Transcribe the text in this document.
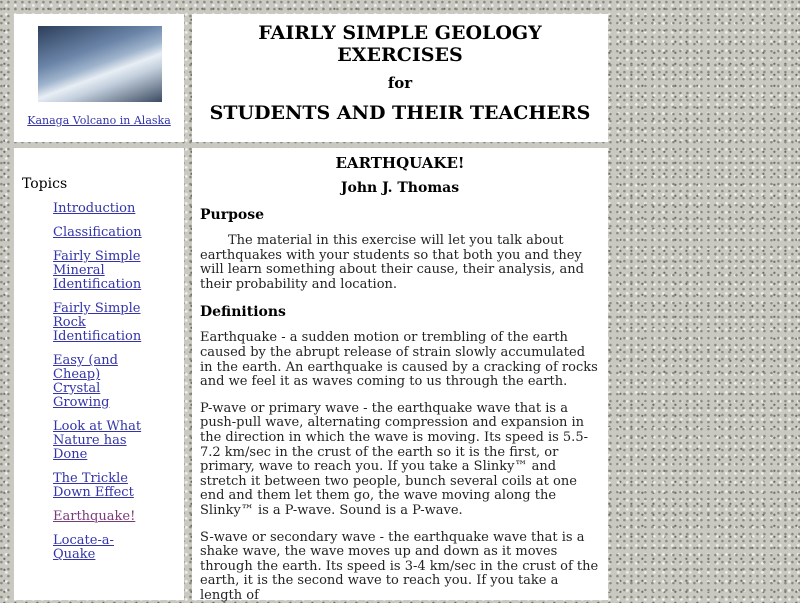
Kanaga Volcano in Alaska
FAIRLY SIMPLE GEOLOGY
EXERCISES
for
STUDENTS AND THEIR TEACHERS
Topics
Introduction
Classification
Fairly Simple Mineral Identification
Fairly Simple Rock Identification
Easy (and Cheap) Crystal Growing
Look at What Nature has Done
The Trickle Down Effect
Earthquake!
Locate-a-Quake
EARTHQUAKE!
John J. Thomas
Purpose

The material in this exercise will let you talk about earthquakes with your students so that both you and they will learn something about their cause, their analysis, and their probability and location.

Definitions

Earthquake - a sudden motion or trembling of the earth caused by the abrupt release of strain slowly accumulated in the earth. An earthquake is caused by a cracking of rocks and we feel it as waves coming to us through the earth.

P-wave or primary wave - the earthquake wave that is a push-pull wave, alternating compression and expansion in the direction in which the wave is moving. Its speed is 5.5-7.2 km/sec in the crust of the earth so it is the first, or primary, wave to reach you. If you take a Slinky™ and stretch it between two people, bunch several coils at one end and them let them go, the wave moving along the Slinky™ is a P-wave. Sound is a P-wave.

S-wave or secondary wave - the earthquake wave that is a shake wave, the wave moves up and down as it moves through the earth. Its speed is 3-4 km/sec in the crust of the earth, it is the second wave to reach you. If you take a length of
